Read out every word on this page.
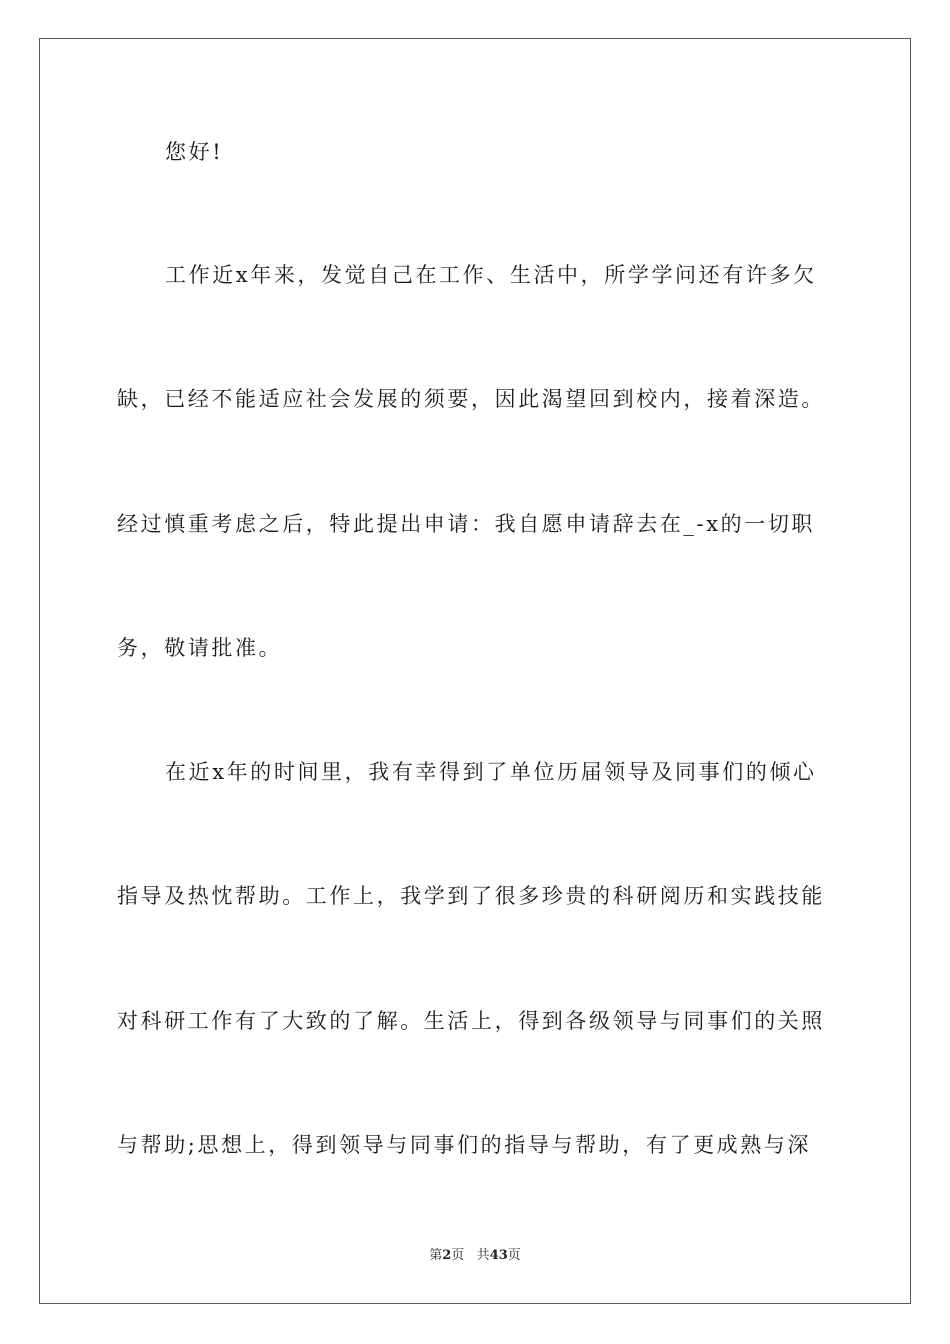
您好!
工作近x年来，发觉自己在工作、生活中，所学学问还有许多欠
缺，已经不能适应社会发展的须要，因此渴望回到校内，接着深造。
经过慎重考虑之后，特此提出申请：我自愿申请辞去在_-x的一切职
务，敬请批准。
在近x年的时间里，我有幸得到了单位历届领导及同事们的倾心
指导及热忱帮助。工作上，我学到了很多珍贵的科研阅历和实践技能
对科研工作有了大致的了解。生活上，得到各级领导与同事们的关照
与帮助;思想上，得到领导与同事们的指导与帮助，有了更成熟与深
第2页 共43页
